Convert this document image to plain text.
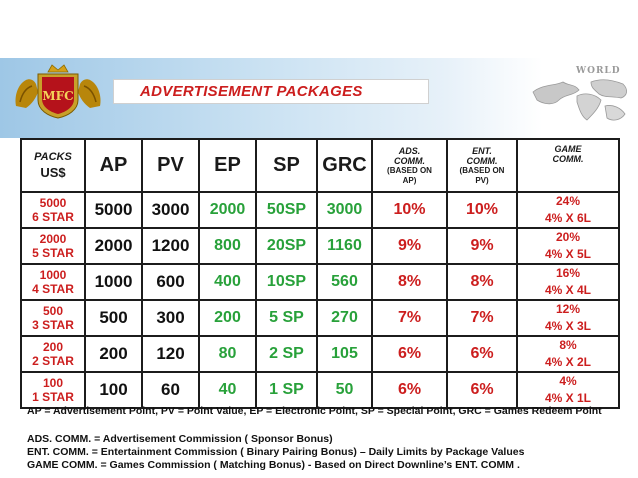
MFC	ADVERTISEMENT PACKAGES
WORLD
PACKS
US$	AP	PV	EP	SP	GRC	ADS.
COMM.
(BASED ON
AP)	ENT.
COMM.
(BASED ON
PV)	GAME
COMM.
5000
6 STAR	5000	3000	2000	50SP	3000	10%	10%	24%
4% X 6L
2000
5 STAR	2000	1200	800	20SP	1160	9%	9%	20%
4% X 5L
1000
4 STAR	1000	600	400	10SP	560	8%	8%	16%
4% X 4L
500
3 STAR	500	300	200	5 SP	270	7%	7%	12%
4% X 3L
200
2 STAR	200	120	80	2 SP	105	6%	6%	8%
4% X 2L
100
1 STAR	100	60	40	1 SP	50	6%	6%	4%
4% X 1L
AP = Advertisement Point, PV = Point Value, EP = Electronic Point, SP = Special Point, GRC = Games Redeem Point
ADS. COMM. = Advertisement Commission ( Sponsor Bonus)
ENT. COMM. = Entertainment Commission ( Binary Pairing Bonus) – Daily Limits by Package Values
GAME COMM. = Games Commission ( Matching Bonus) - Based on Direct Downline’s ENT. COMM .
